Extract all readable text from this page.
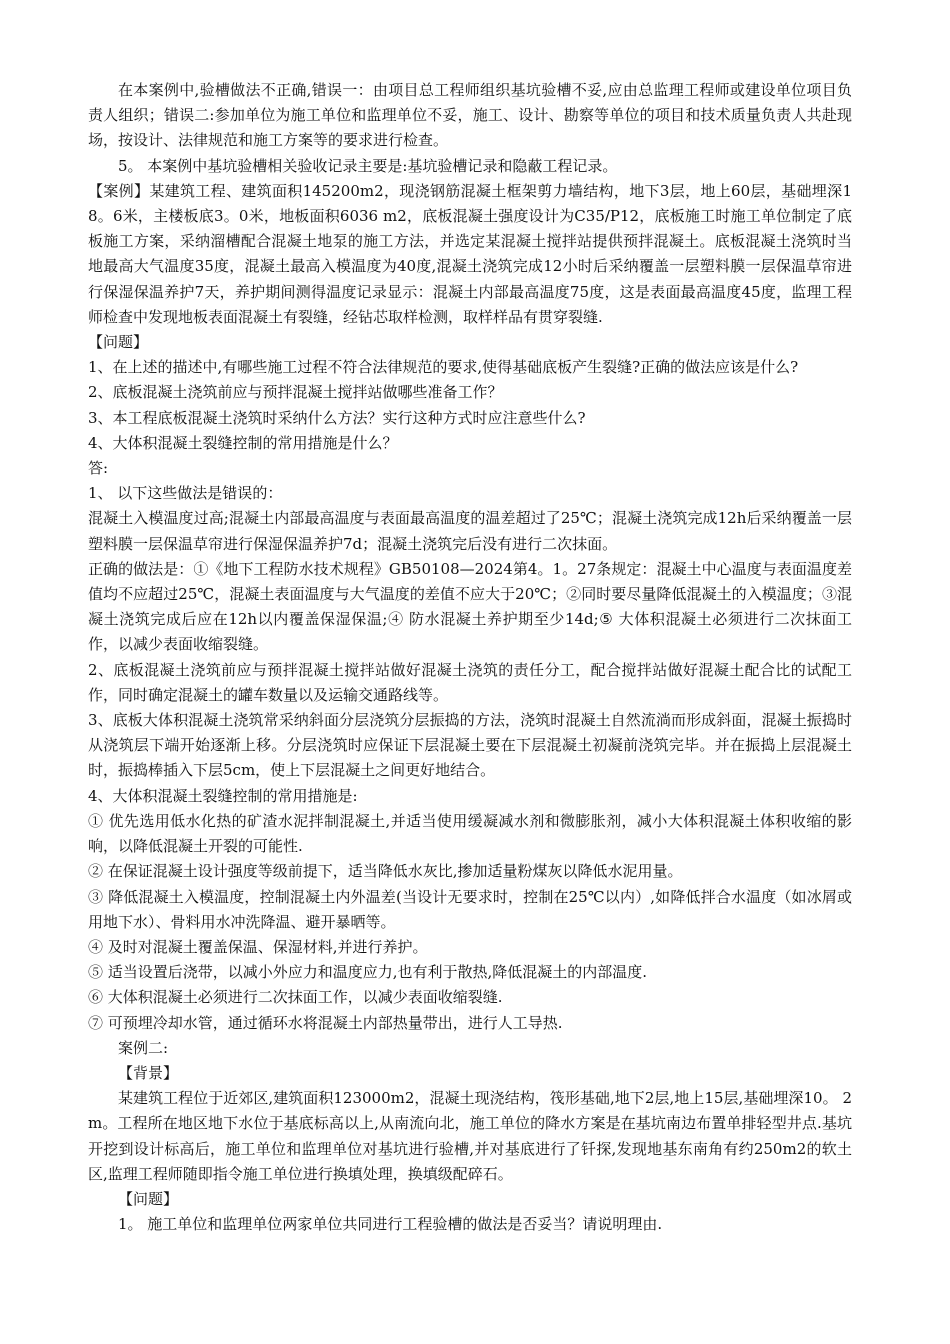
在本案例中,验槽做法不正确,错误一：由项目总工程师组织基坑验槽不妥,应由总监理工程师或建设单位项目负责人组织；错误二:参加单位为施工单位和监理单位不妥，施工、设计、勘察等单位的项目和技术质量负责人共赴现场，按设计、法律规范和施工方案等的要求进行检查。

5。 本案例中基坑验槽相关验收记录主要是:基坑验槽记录和隐蔽工程记录。

【案例】某建筑工程、建筑面积145200m2，现浇钢筋混凝土框架剪力墙结构，地下3层，地上60层，基础埋深18。6米，主楼板底3。0米，地板面积6036 m2，底板混凝土强度设计为C35/P12，底板施工时施工单位制定了底板施工方案，采纳溜槽配合混凝土地泵的施工方法，并选定某混凝土搅拌站提供预拌混凝土。底板混凝土浇筑时当地最高大气温度35度，混凝土最高入模温度为40度,混凝土浇筑完成12小时后采纳覆盖一层塑料膜一层保温草帘进行保湿保温养护7天，养护期间测得温度记录显示：混凝土内部最高温度75度，这是表面最高温度45度，监理工程师检查中发现地板表面混凝土有裂缝，经钻芯取样检测，取样样品有贯穿裂缝.

【问题】

1、在上述的描述中,有哪些施工过程不符合法律规范的要求,使得基础底板产生裂缝?正确的做法应该是什么?

2、底板混凝土浇筑前应与预拌混凝土搅拌站做哪些准备工作？

3、本工程底板混凝土浇筑时采纳什么方法？实行这种方式时应注意些什么?

4、大体积混凝土裂缝控制的常用措施是什么？

答:

1、 以下这些做法是错误的：

混凝土入模温度过高;混凝土内部最高温度与表面最高温度的温差超过了25℃；混凝土浇筑完成12h后采纳覆盖一层塑料膜一层保温草帘进行保湿保温养护7d；混凝土浇筑完后没有进行二次抹面。

正确的做法是：①《地下工程防水技术规程》GB50108—2024第4。1。27条规定：混凝土中心温度与表面温度差值均不应超过25℃，混凝土表面温度与大气温度的差值不应大于20℃；②同时要尽量降低混凝土的入模温度；③混凝土浇筑完成后应在12h以内覆盖保湿保温;④ 防水混凝土养护期至少14d;⑤ 大体积混凝土必须进行二次抹面工作，以减少表面收缩裂缝。

2、底板混凝土浇筑前应与预拌混凝土搅拌站做好混凝土浇筑的责任分工，配合搅拌站做好混凝土配合比的试配工作，同时确定混凝土的罐车数量以及运输交通路线等。

3、底板大体积混凝土浇筑常采纳斜面分层浇筑分层振捣的方法，浇筑时混凝土自然流淌而形成斜面，混凝土振捣时从浇筑层下端开始逐渐上移。分层浇筑时应保证下层混凝土要在下层混凝土初凝前浇筑完毕。并在振捣上层混凝土时，振捣棒插入下层5cm，使上下层混凝土之间更好地结合。

4、大体积混凝土裂缝控制的常用措施是:

① 优先选用低水化热的矿渣水泥拌制混凝土,并适当使用缓凝减水剂和微膨胀剂，减小大体积混凝土体积收缩的影响，以降低混凝土开裂的可能性.

② 在保证混凝土设计强度等级前提下，适当降低水灰比,掺加适量粉煤灰以降低水泥用量。

③ 降低混凝土入模温度，控制混凝土内外温差(当设计无要求时，控制在25℃以内）,如降低拌合水温度（如冰屑或用地下水）、骨料用水冲洗降温、避开暴晒等。

④ 及时对混凝土覆盖保温、保湿材料,并进行养护。

⑤ 适当设置后浇带，以减小外应力和温度应力,也有利于散热,降低混凝土的内部温度.

⑥ 大体积混凝土必须进行二次抹面工作，以减少表面收缩裂缝.

⑦ 可预埋冷却水管，通过循环水将混凝土内部热量带出，进行人工导热.

案例二:

【背景】

某建筑工程位于近郊区,建筑面积123000m2，混凝土现浇结构，筏形基础,地下2层,地上15层,基础埋深10。 2m。工程所在地区地下水位于基底标高以上,从南流向北，施工单位的降水方案是在基坑南边布置单排轻型井点.基坑开挖到设计标高后，施工单位和监理单位对基坑进行验槽,并对基底进行了钎探,发现地基东南角有约250m2的软土区,监理工程师随即指令施工单位进行换填处理，换填级配碎石。

【问题】

1。 施工单位和监理单位两家单位共同进行工程验槽的做法是否妥当？请说明理由.
